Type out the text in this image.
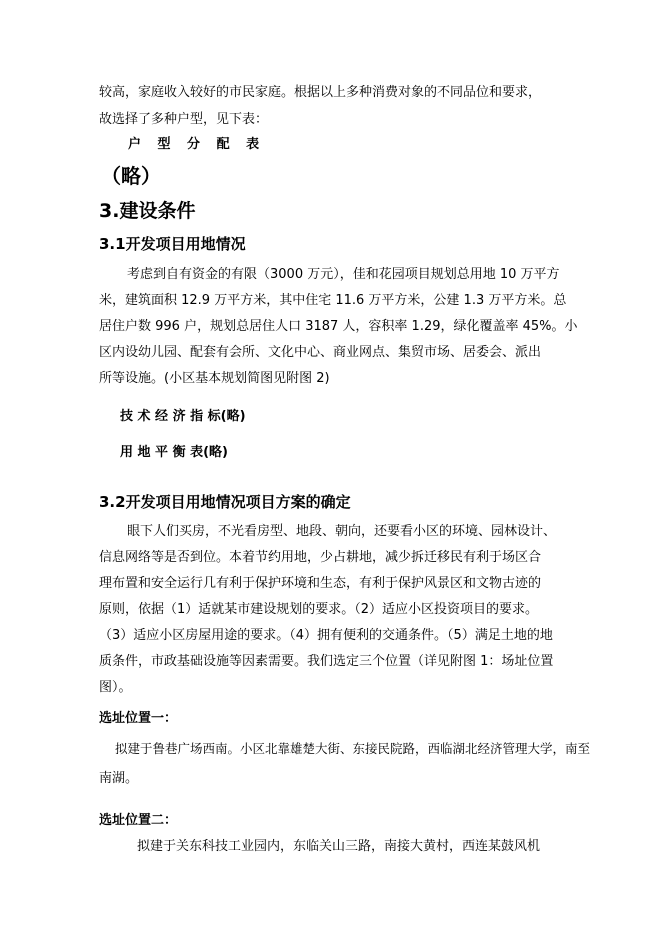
较高，家庭收入较好的市民家庭。根据以上多种消费对象的不同品位和要求，
故选择了多种户型，见下表：
户 型 分 配 表
（略）
3.建设条件
3.1开发项目用地情况
考虑到自有资金的有限（3000 万元），佳和花园项目规划总用地 10 万平方
米，建筑面积 12.9 万平方米，其中住宅 11.6 万平方米，公建 1.3 万平方米。总
居住户数 996 户，规划总居住人口 3187 人，容积率 1.29，绿化覆盖率 45%。小
区内设幼儿园、配套有会所、文化中心、商业网点、集贸市场、居委会、派出
所等设施。(小区基本规划简图见附图 2)
技 术 经 济 指 标(略)
用 地 平 衡 表(略)
3.2开发项目用地情况项目方案的确定
眼下人们买房，不光看房型、地段、朝向，还要看小区的环境、园林设计、
信息网络等是否到位。本着节约用地，少占耕地，减少拆迁移民有利于场区合
理布置和安全运行几有利于保护环境和生态，有利于保护风景区和文物古迹的
原则，依据（1）适就某市建设规划的要求。（2）适应小区投资项目的要求。
（3）适应小区房屋用途的要求。（4）拥有便利的交通条件。（5）满足土地的地
质条件，市政基础设施等因素需要。我们选定三个位置（详见附图 1：场址位置
图）。
选址位置一：
拟建于鲁巷广场西南。小区北靠雄楚大街、东接民院路，西临湖北经济管理大学，南至
南湖。
选址位置二：
拟建于关东科技工业园内，东临关山三路，南接大黄村，西连某鼓风机
